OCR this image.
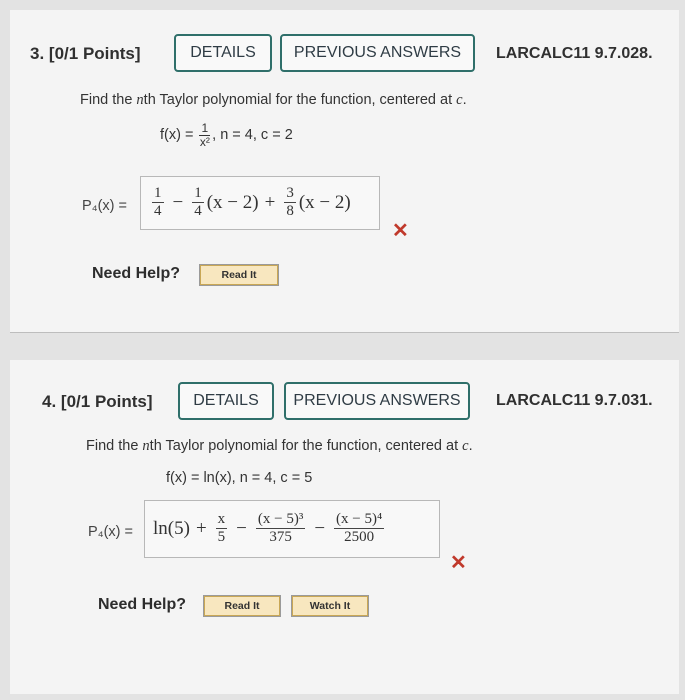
3. [0/1 Points]	DETAILS	PREVIOUS ANSWERS	LARCALC11 9.7.028.
Find the nth Taylor polynomial for the function, centered at c.
$f(x) = \frac{1}{\text{x²}}$ , n = 4, c = 2
$P_4(x) = \frac{1}{4} - \frac{1}{4} (x - 2) + \frac{3}{8} (x - 2)$
✕
Need Help?	Read It
4. [0/1 Points]	DETAILS	PREVIOUS ANSWERS	LARCALC11 9.7.031.
Find the nth Taylor polynomial for the function, centered at c.
f(x) = ln(x), n = 4, c = 5
$P_4(x) = \ln(5) + \frac{x}{5} - \frac{\text{(x − 5)³}}{375} - \frac{\text{(x − 5)⁴}}{2500}$
✕
Need Help?	Read It	Watch It
